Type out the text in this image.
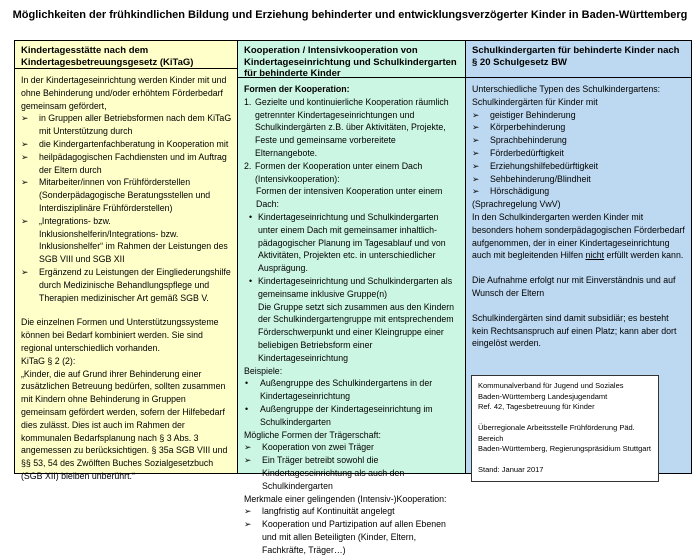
Möglichkeiten der frühkindlichen Bildung und Erziehung behinderter und entwicklungsverzögerter Kinder in Baden-Württemberg
Kindertagesstätte nach dem Kindertagesbetreuungsgesetz (KiTaG)
In der Kindertageseinrichtung werden Kinder mit und ohne Behinderung und/oder erhöhtem Förderbedarf gemeinsam gefördert,
➢	in Gruppen aller Betriebsformen nach dem KiTaG mit Unterstützung durch
➢	die Kindergartenfachberatung in Kooperation mit
➢	heilpädagogischen Fachdiensten und im Auftrag der Eltern durch
➢	Mitarbeiter/innen von Frühförderstellen (Sonderpädagogische Beratungsstellen und Interdisziplinäre Frühförderstellen)
➢	„Integrations- bzw. Inklusionshelferin/Integrations- bzw. Inklusionshelfer“ im Rahmen der Leistungen des SGB VIII und SGB XII
➢	Ergänzend zu Leistungen der Eingliederungshilfe durch Medizinische Behandlungspflege und Therapien medizinischer Art gemäß SGB V.
Die einzelnen Formen und Unterstützungssysteme können bei Bedarf kombiniert werden. Sie sind regional unterschiedlich vorhanden.
KiTaG § 2 (2):
„Kinder, die auf Grund ihrer Behinderung einer zusätzlichen Betreuung bedürfen, sollten zusammen mit Kindern ohne Behinderung in Gruppen gemeinsam gefördert werden, sofern der Hilfebedarf dies zulässt. Dies ist auch im Rahmen der kommunalen Bedarfsplanung nach § 3 Abs. 3 angemessen zu berücksichtigen. § 35a SGB VIII und §§ 53, 54 des Zwölften Buches Sozialgesetzbuch (SGB XII) bleiben unberührt.“
Kooperation / Intensivkooperation von Kindertageseinrichtung und Schulkindergarten für behinderte Kinder
Formen der Kooperation:
1. Gezielte und kontinuierliche Kooperation räumlich getrennter Kindertageseinrichtungen und Schulkindergärten z.B. über Aktivitäten, Projekte, Feste und gemeinsame vorbereitete Elternangebote.
2. Formen der Kooperation unter einem Dach (Intensivkooperation):
Formen der intensiven Kooperation unter einem Dach:
• Kindertageseinrichtung und Schulkindergarten unter einem Dach mit gemeinsamer inhaltlich-pädagogischer Planung im Tagesablauf und von Aktivitäten, Projekten etc. in unterschiedlicher Ausprägung.
• Kindertageseinrichtung und Schulkindergarten als gemeinsame inklusive Gruppe(n)
Die Gruppe setzt sich zusammen aus den Kindern der Schulkindergartengruppe mit entsprechendem Förderschwerpunkt und einer Kleingruppe einer beliebigen Betriebsform einer Kindertageseinrichtung
Beispiele:
•	Außengruppe des Schulkindergartens in der Kindertageseinrichtung
•	Außengruppe der Kindertageseinrichtung im Schulkindergarten
Mögliche Formen der Trägerschaft:
➢	Kooperation von zwei Träger
➢	Ein Träger betreibt sowohl die Kindertageseinrichtung als auch den Schulkindergarten
Merkmale einer gelingenden (Intensiv-)Kooperation:
➢	langfristig auf Kontinuität angelegt
➢	Kooperation und Partizipation auf allen Ebenen und mit allen Beteiligten (Kinder, Eltern, Fachkräfte, Träger…)
Schulkindergarten für behinderte Kinder nach § 20 Schulgesetz BW
Kommunalverband für Jugend und Soziales
Baden-Württemberg Landesjugendamt
Ref. 42, Tagesbetreuung für Kinder
Überregionale Arbeitsstelle Frühförderung Päd. Bereich
Baden-Württemberg, Regierungspräsidium Stuttgart
Stand: Januar 2017
Unterschiedliche Typen des Schulkindergartens:
Schulkindergärten für Kinder mit
➢	geistiger Behinderung
➢	Körperbehinderung
➢	Sprachbehinderung
➢	Förderbedürftigkeit
➢	Erziehungshilfebedürftigkeit
➢	Sehbehinderung/Blindheit
➢	Hörschädigung
(Sprachregelung VwV)
In den Schulkindergarten werden Kinder mit besonders hohem sonderpädagogischen Förderbedarf aufgenommen, der in einer Kindertageseinrichtung auch mit begleitenden Hilfen nicht erfüllt werden kann.
Die Aufnahme erfolgt nur mit Einverständnis und auf Wunsch der Eltern
Schulkindergärten sind damit subsidiär; es besteht kein Rechtsanspruch auf einen Platz; kann aber dort eingelöst werden.
